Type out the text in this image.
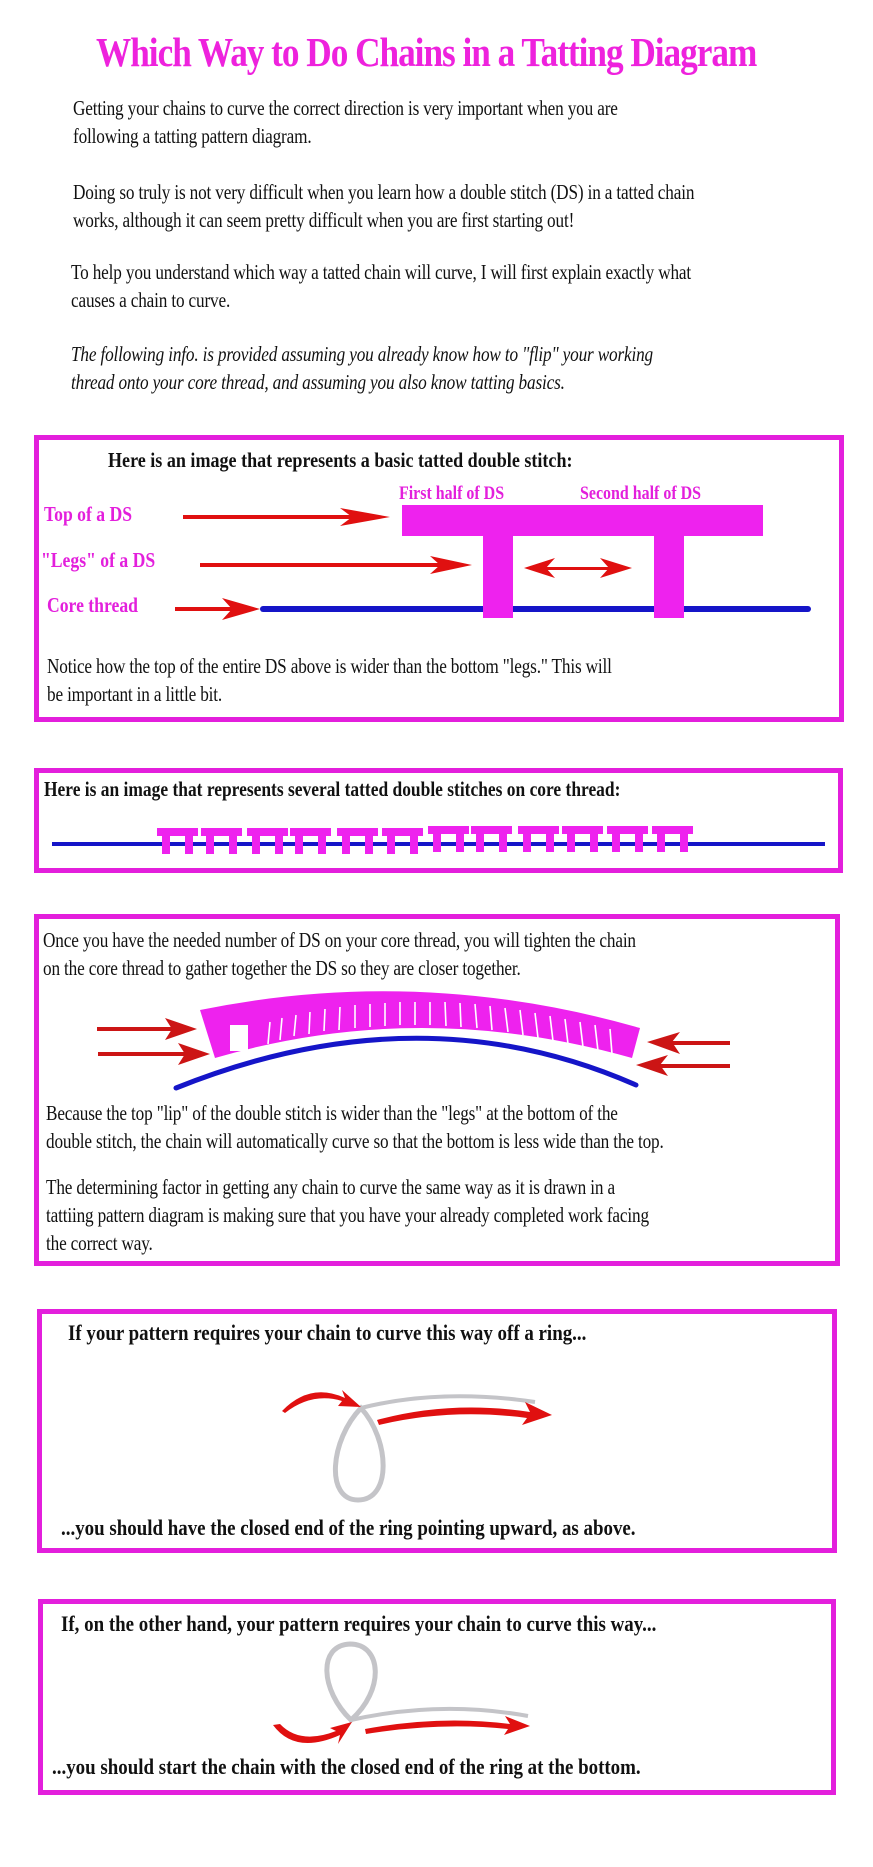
Which Way to Do Chains in a Tatting Diagram
Getting your chains to curve the correct direction is very important when you are
following a tatting pattern diagram.
Doing so truly is not very difficult when you learn how a double stitch (DS) in a tatted chain
works, although it can seem pretty difficult when you are first starting out!
To help you understand which way a tatted chain will curve, I will first explain exactly what
causes a chain to curve.
The following info. is provided assuming you already know how to "flip" your working
thread onto your core thread, and assuming you also know tatting basics.
Here is an image that represents a basic tatted double stitch:
First half of DS	Second half of DS
Top of a DS
"Legs" of a DS
Core thread
Notice how the top of the entire DS above is wider than the bottom "legs." This will
be important in a little bit.
Here is an image that represents several tatted double stitches on core thread:
Once you have the needed number of DS on your core thread, you will tighten the chain
on the core thread to gather together the DS so they are closer together.
Because the top "lip" of the double stitch is wider than the "legs" at the bottom of the
double stitch, the chain will automatically curve so that the bottom is less wide than the top.
The determining factor in getting any chain to curve the same way as it is drawn in a
tattiing pattern diagram is making sure that you have your already completed work facing
the correct way.
If your pattern requires your chain to curve this way off a ring...
...you should have the closed end of the ring pointing upward, as above.
If, on the other hand, your pattern requires your chain to curve this way...
...you should start the chain with the closed end of the ring at the bottom.
